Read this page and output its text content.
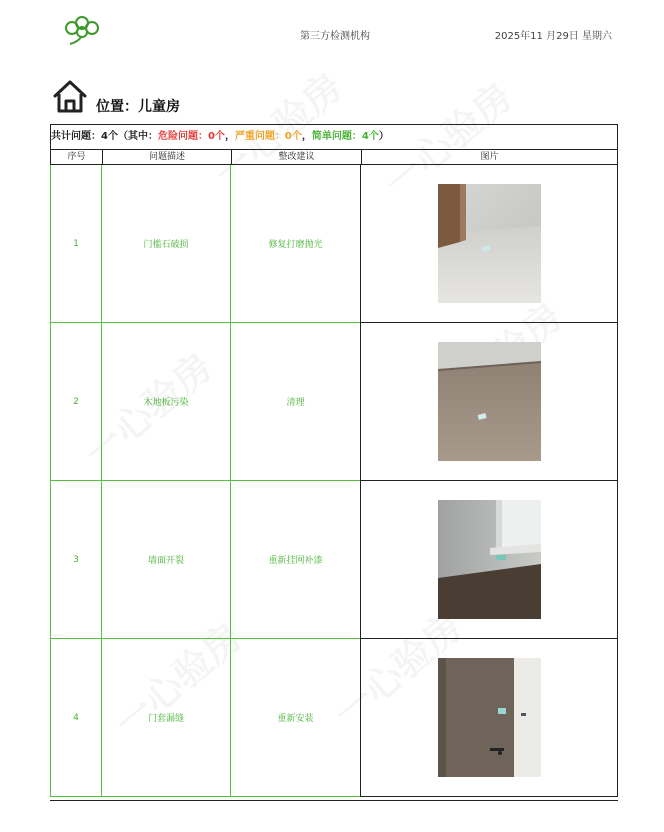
第三方检测机构	2025年11 月29日 星期六
位置：儿童房
共计问题：4个（其中：危险问题：0个，严重问题：0个，简单问题：4个）
序号	问题描述	整改建议	图片
1	门槛石破损	修复打磨抛光
2	木地板污染	清理
3	墙面开裂	重新挂网补漆
4	门套漏缝	重新安装
